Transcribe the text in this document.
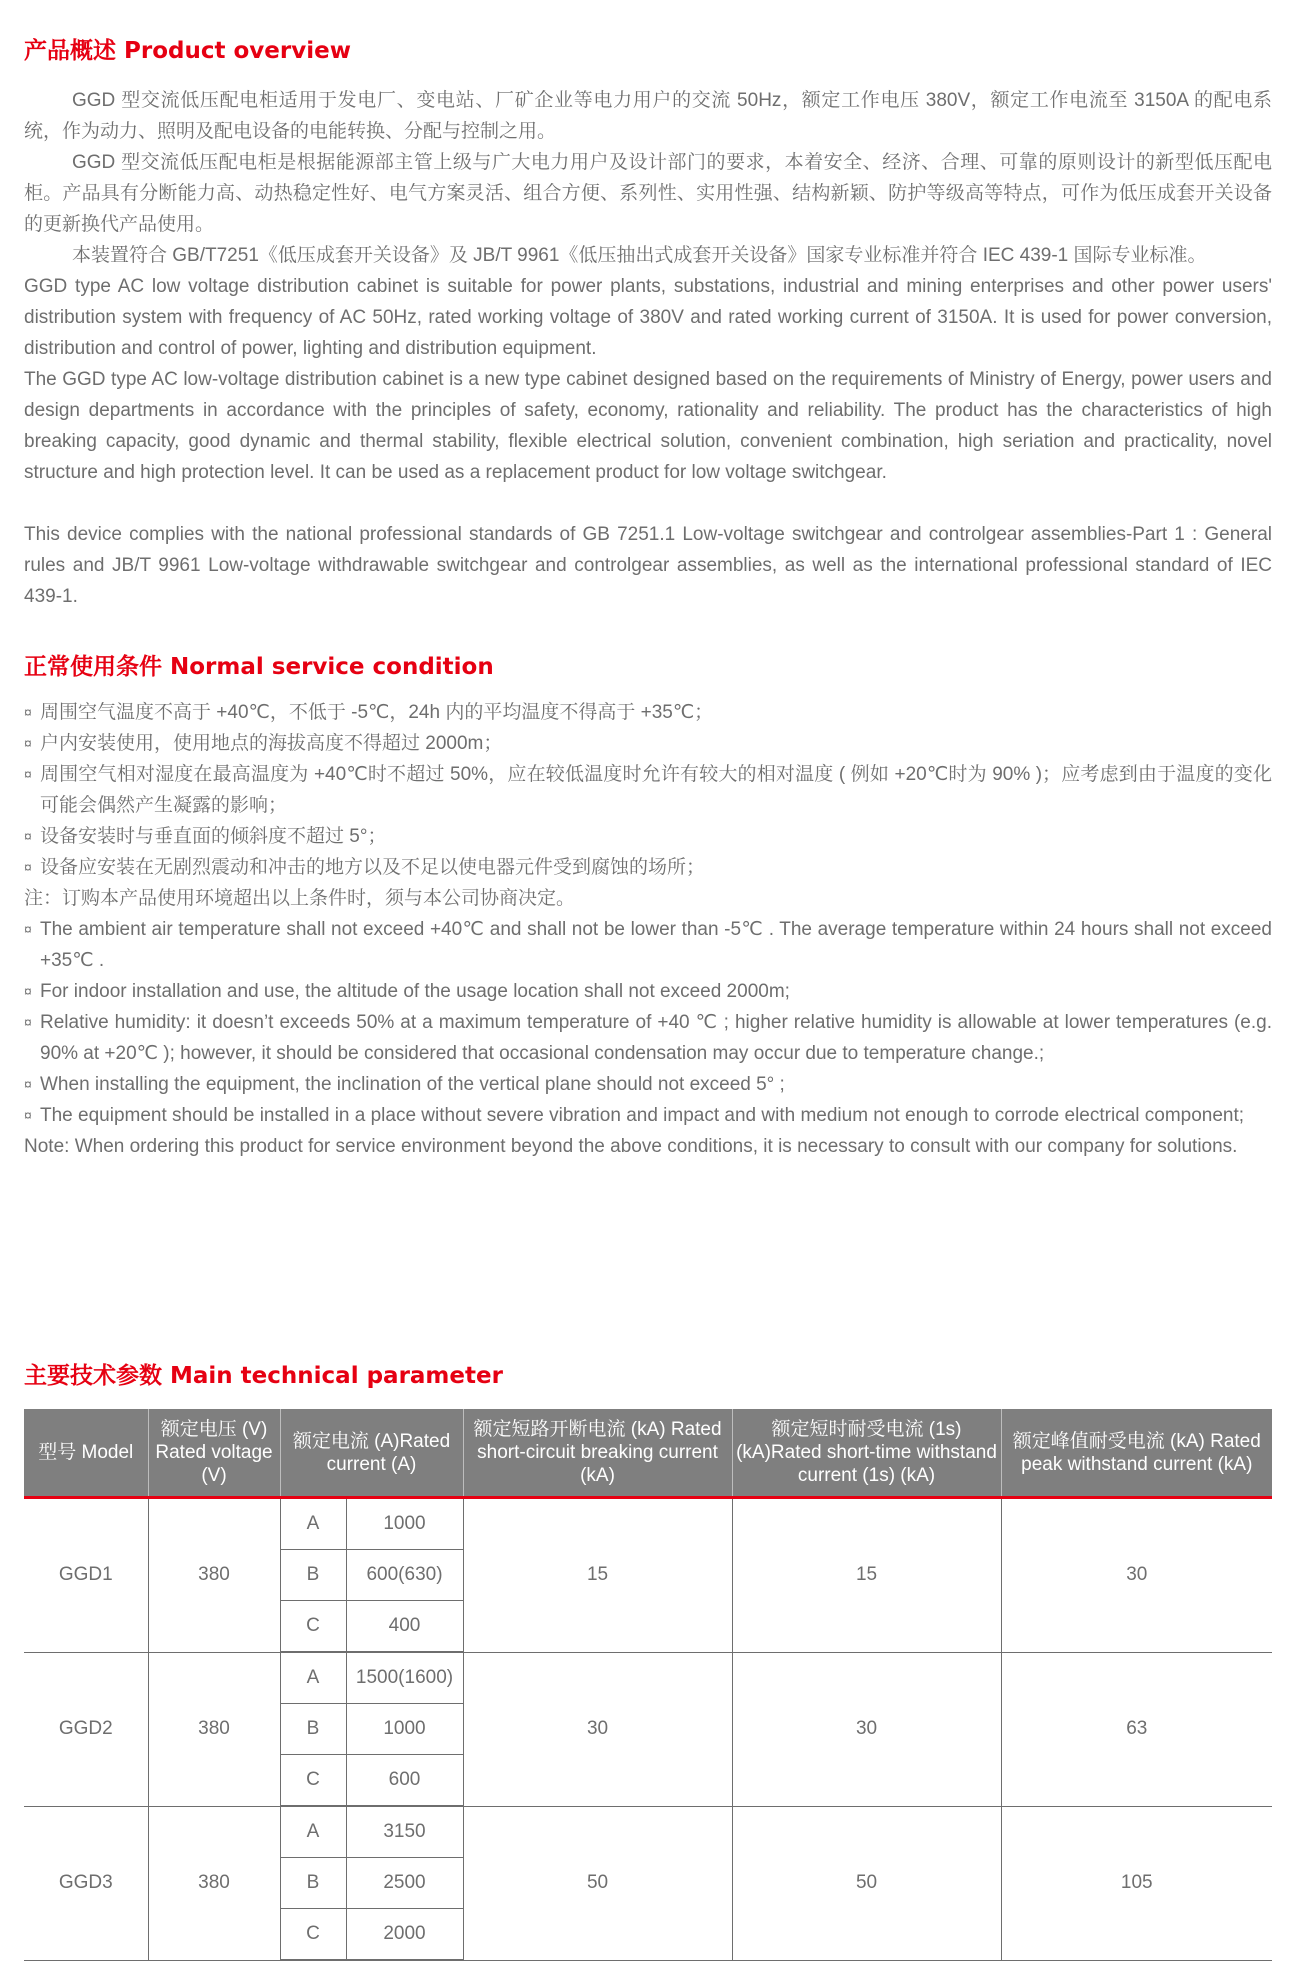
产品概述 Product overview

GGD 型交流低压配电柜适用于发电厂、变电站、厂矿企业等电力用户的交流 50Hz，额定工作电压 380V，额定工作电流至 3150A 的配电系统，作为动力、照明及配电设备的电能转换、分配与控制之用。

GGD 型交流低压配电柜是根据能源部主管上级与广大电力用户及设计部门的要求，本着安全、经济、合理、可靠的原则设计的新型低压配电柜。产品具有分断能力高、动热稳定性好、电气方案灵活、组合方便、系列性、实用性强、结构新颖、防护等级高等特点，可作为低压成套开关设备的更新换代产品使用。

本装置符合 GB/T7251《低压成套开关设备》及 JB/T 9961《低压抽出式成套开关设备》国家专业标准并符合 IEC 439-1 国际专业标准。

GGD type AC low voltage distribution cabinet is suitable for power plants, substations, industrial and mining enterprises and other power users' distribution system with frequency of AC 50Hz, rated working voltage of 380V and rated working current of 3150A. It is used for power conversion, distribution and control of power, lighting and distribution equipment.

The GGD type AC low-voltage distribution cabinet is a new type cabinet designed based on the requirements of Ministry of Energy, power users and design departments in accordance with the principles of safety, economy, rationality and reliability. The product has the characteristics of high breaking capacity, good dynamic and thermal stability, flexible electrical solution, convenient combination, high seriation and practicality, novel structure and high protection level. It can be used as a replacement product for low voltage switchgear.

This device complies with the national professional standards of GB 7251.1 Low-voltage switchgear and controlgear assemblies-Part 1 : General rules and JB/T 9961 Low-voltage withdrawable switchgear and controlgear assemblies, as well as the international professional standard of IEC 439-1.

正常使用条件 Normal service condition
¤ 周围空气温度不高于 +40℃，不低于 -5℃，24h 内的平均温度不得高于 +35℃；
¤ 户内安装使用，使用地点的海拔高度不得超过 2000m；
¤ 周围空气相对湿度在最高温度为 +40℃时不超过 50%，应在较低温度时允许有较大的相对温度 ( 例如 +20℃时为 90% )；应考虑到由于温度的变化可能会偶然产生凝露的影响；
¤ 设备安装时与垂直面的倾斜度不超过 5°；
¤ 设备应安装在无剧烈震动和冲击的地方以及不足以使电器元件受到腐蚀的场所；
注：订购本产品使用环境超出以上条件时，须与本公司协商决定。
¤ The ambient air temperature shall not exceed +40℃ and shall not be lower than -5℃ . The average temperature within 24 hours shall not exceed +35℃ .
¤ For indoor installation and use, the altitude of the usage location shall not exceed 2000m;
¤ Relative humidity: it doesn’t exceeds 50% at a maximum temperature of +40 ℃ ; higher relative humidity is allowable at lower temperatures (e.g. 90% at +20℃ ); however, it should be considered that occasional condensation may occur due to temperature change.;
¤ When installing the equipment, the inclination of the vertical plane should not exceed 5° ;
¤ The equipment should be installed in a place without severe vibration and impact and with medium not enough to corrode electrical component;
Note: When ordering this product for service environment beyond the above conditions, it is necessary to consult with our company for solutions.
主要技术参数 Main technical parameter
型号 Model	额定电压 (V) Rated voltage (V)	额定电流 (A)Rated current (A)		额定短路开断电流 (kA) Rated short-circuit breaking current (kA)	额定短时耐受电流 (1s) (kA)Rated short-time withstand current (1s) (kA)	额定峰值耐受电流 (kA) Rated peak withstand current (kA)
GGD1	380	A	1000	15	15	30
		B	600(630)			
		C	400			
GGD2	380	A	1500(1600)	30	30	63
		B	1000			
		C	600			
GGD3	380	A	3150	50	50	105
		B	2500			
		C	2000			
